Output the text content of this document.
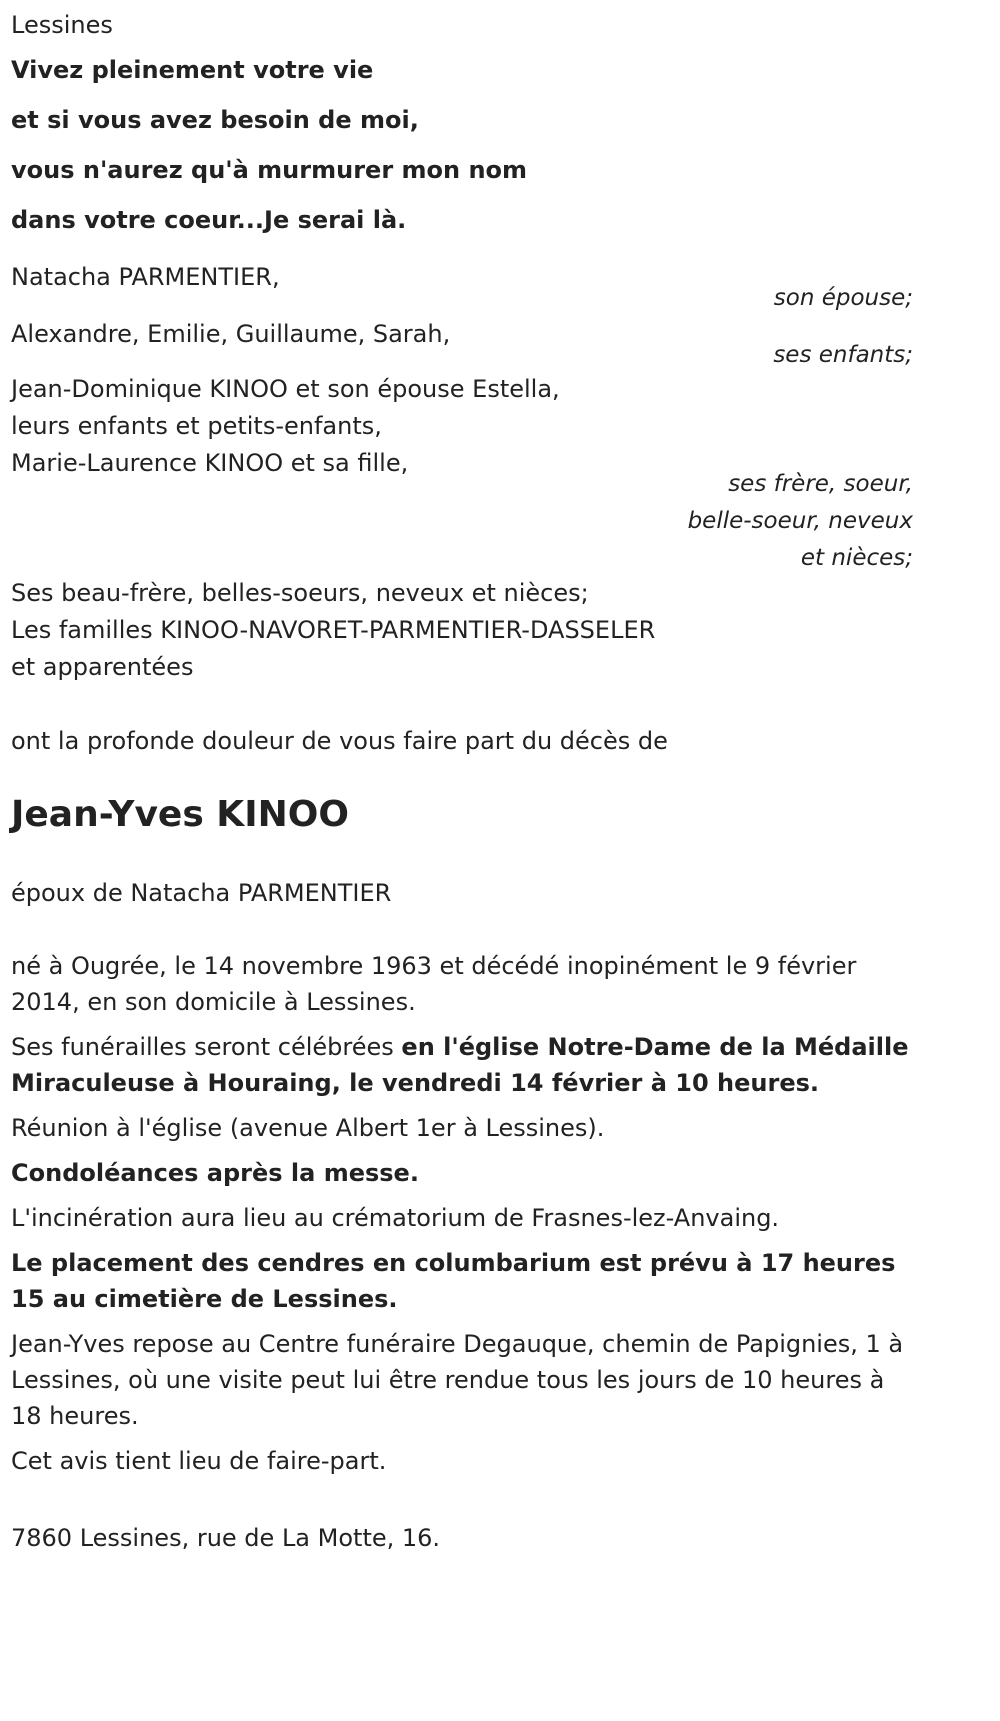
Lessines

Vivez pleinement votre vie

et si vous avez besoin de moi,

vous n'aurez qu'à murmurer mon nom

dans votre coeur...Je serai là.

Natacha PARMENTIER,
son épouse;
Alexandre, Emilie, Guillaume, Sarah,
ses enfants;
Jean-Dominique KINOO et son épouse Estella,
leurs enfants et petits-enfants,
Marie-Laurence KINOO et sa fille,
ses frère, soeur,
belle-soeur, neveux
et nièces;

Ses beau-frère, belles-soeurs, neveux et nièces;

Les familles KINOO-NAVORET-PARMENTIER-DASSELER

et apparentées

ont la profonde douleur de vous faire part du décès de

Jean-Yves KINOO

époux de Natacha PARMENTIER

né à Ougrée, le 14 novembre 1963 et décédé inopinément le 9 février 2014, en son domicile à Lessines.

Ses funérailles seront célébrées en l'église Notre-Dame de la Médaille Miraculeuse à Houraing, le vendredi 14 février à 10 heures.

Réunion à l'église (avenue Albert 1er à Lessines).

Condoléances après la messe.

L'incinération aura lieu au crématorium de Frasnes-lez-Anvaing.

Le placement des cendres en columbarium est prévu à 17 heures 15 au cimetière de Lessines.

Jean-Yves repose au Centre funéraire Degauque, chemin de Papignies, 1 à Lessines, où une visite peut lui être rendue tous les jours de 10 heures à 18 heures.

Cet avis tient lieu de faire-part.

7860 Lessines, rue de La Motte, 16.
